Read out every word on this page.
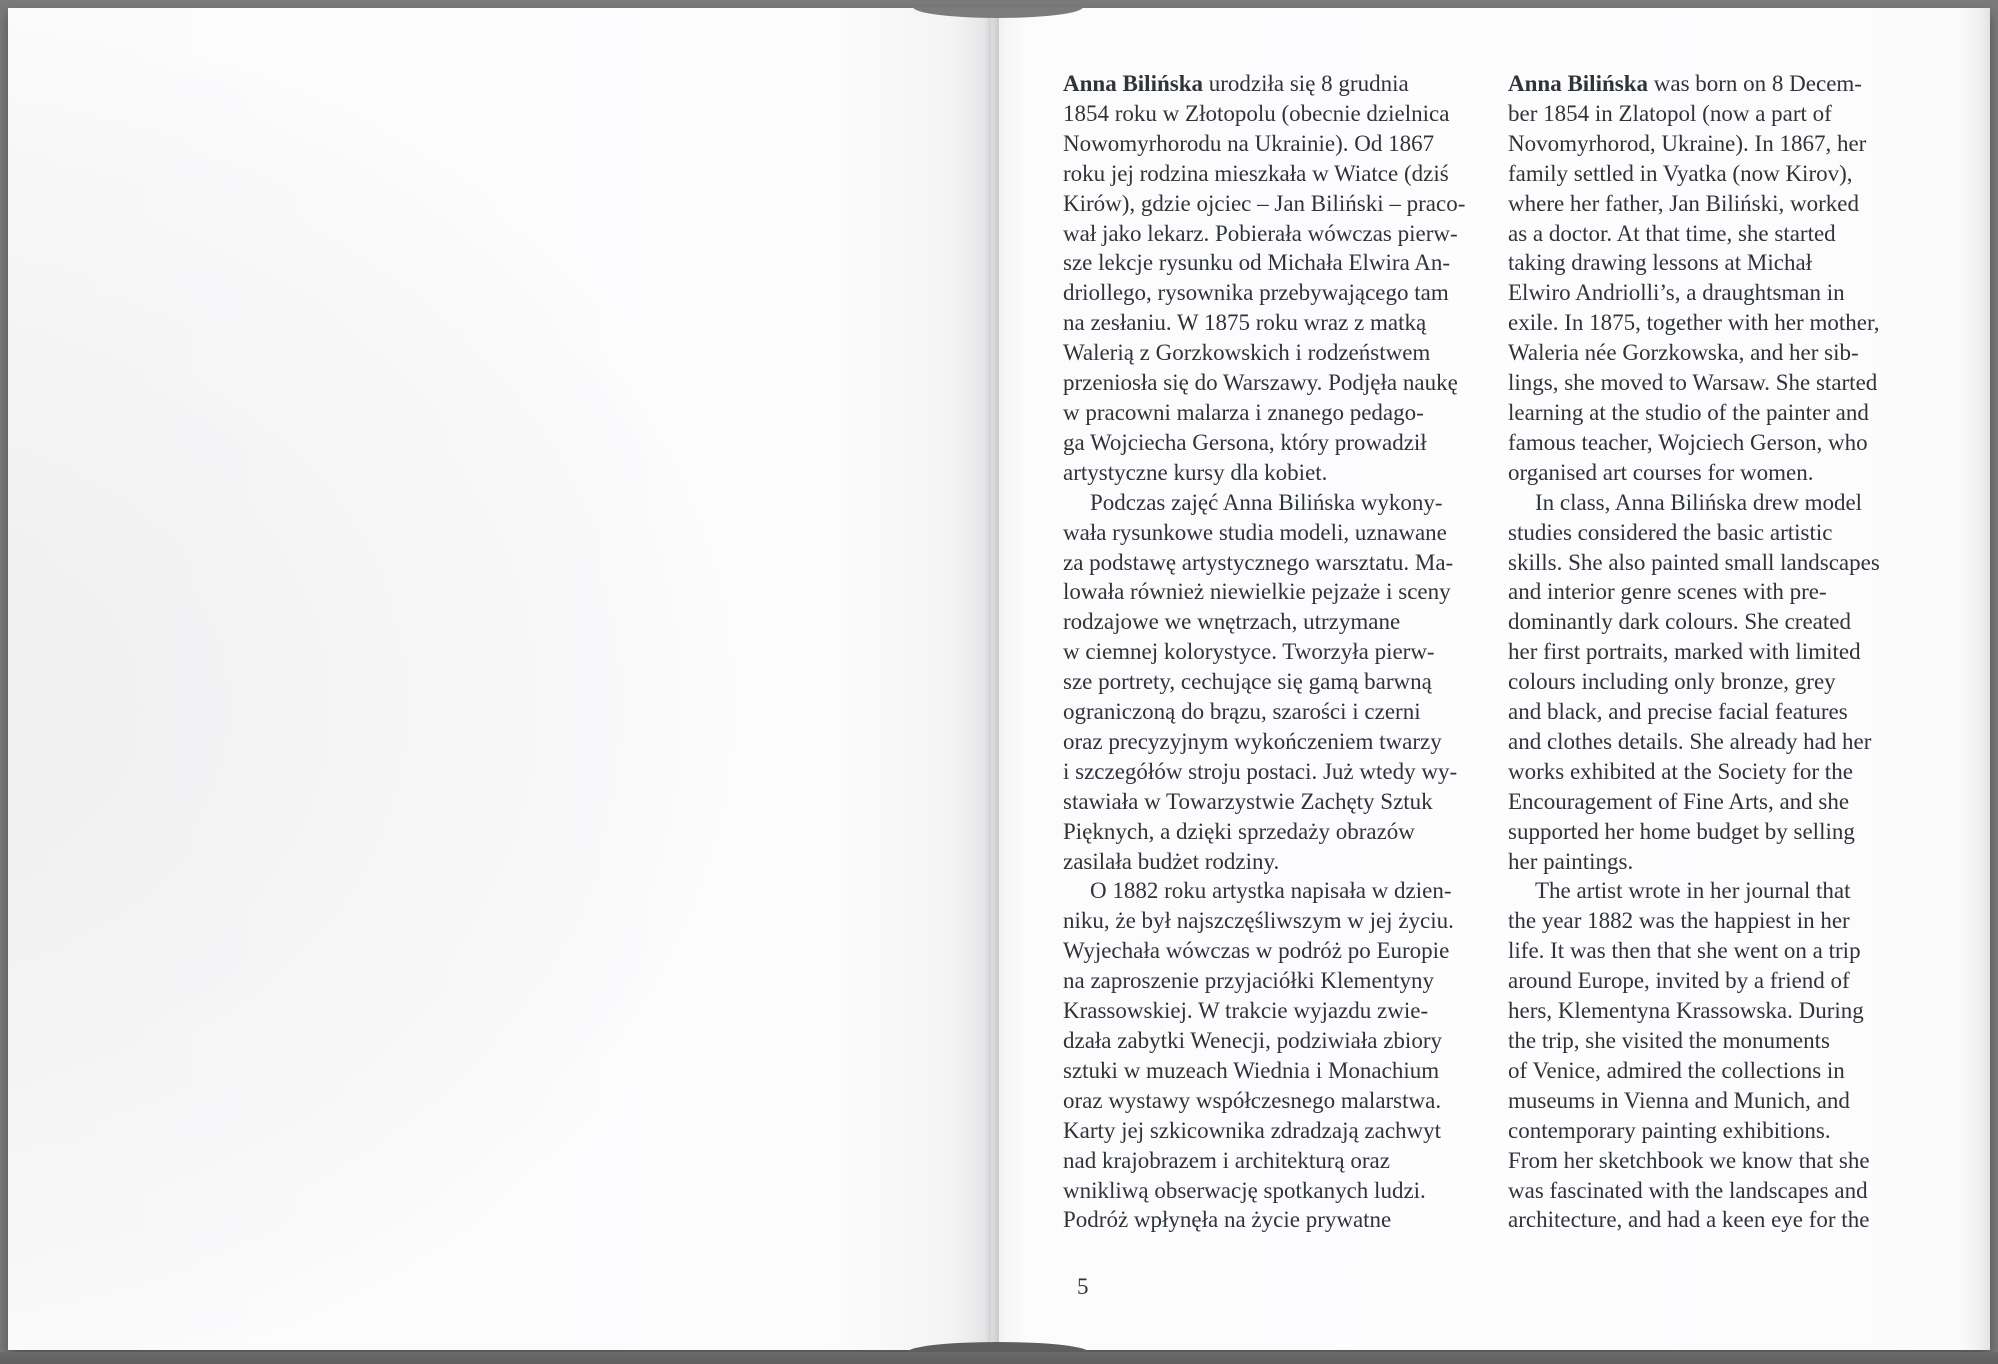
Anna Bilińska urodziła się 8 grudnia
1854 roku w Złotopolu (obecnie dzielnica
Nowomyrhorodu na Ukrainie). Od 1867
roku jej rodzina mieszkała w Wiatce (dziś
Kirów), gdzie ojciec – Jan Biliński – praco-
wał jako lekarz. Pobierała wówczas pierw-
sze lekcje rysunku od Michała Elwira An-
driollego, rysownika przebywającego tam
na zesłaniu. W 1875 roku wraz z matką
Walerią z Gorzkowskich i rodzeństwem
przeniosła się do Warszawy. Podjęła naukę
w pracowni malarza i znanego pedago-
ga Wojciecha Gersona, który prowadził
artystyczne kursy dla kobiet.
Podczas zajęć Anna Bilińska wykony-
wała rysunkowe studia modeli, uznawane
za podstawę artystycznego warsztatu. Ma-
lowała również niewielkie pejzaże i sceny
rodzajowe we wnętrzach, utrzymane
w ciemnej kolorystyce. Tworzyła pierw-
sze portrety, cechujące się gamą barwną
ograniczoną do brązu, szarości i czerni
oraz precyzyjnym wykończeniem twarzy
i szczegółów stroju postaci. Już wtedy wy-
stawiała w Towarzystwie Zachęty Sztuk
Pięknych, a dzięki sprzedaży obrazów
zasilała budżet rodziny.
O 1882 roku artystka napisała w dzien-
niku, że był najszczęśliwszym w jej życiu.
Wyjechała wówczas w podróż po Europie
na zaproszenie przyjaciółki Klementyny
Krassowskiej. W trakcie wyjazdu zwie-
dzała zabytki Wenecji, podziwiała zbiory
sztuki w muzeach Wiednia i Monachium
oraz wystawy współczesnego malarstwa.
Karty jej szkicownika zdradzają zachwyt
nad krajobrazem i architekturą oraz
wnikliwą obserwację spotkanych ludzi.
Podróż wpłynęła na życie prywatne
Anna Bilińska was born on 8 Decem-
ber 1854 in Zlatopol (now a part of
Novomyrhorod, Ukraine). In 1867, her
family settled in Vyatka (now Kirov),
where her father, Jan Biliński, worked
as a doctor. At that time, she started
taking drawing lessons at Michał
Elwiro Andriolli’s, a draughtsman in
exile. In 1875, together with her mother,
Waleria née Gorzkowska, and her sib-
lings, she moved to Warsaw. She started
learning at the studio of the painter and
famous teacher, Wojciech Gerson, who
organised art courses for women.
In class, Anna Bilińska drew model
studies considered the basic artistic
skills. She also painted small landscapes
and interior genre scenes with pre-
dominantly dark colours. She created
her first portraits, marked with limited
colours including only bronze, grey
and black, and precise facial features
and clothes details. She already had her
works exhibited at the Society for the
Encouragement of Fine Arts, and she
supported her home budget by selling
her paintings.
The artist wrote in her journal that
the year 1882 was the happiest in her
life. It was then that she went on a trip
around Europe, invited by a friend of
hers, Klementyna Krassowska. During
the trip, she visited the monuments
of Venice, admired the collections in
museums in Vienna and Munich, and
contemporary painting exhibitions.
From her sketchbook we know that she
was fascinated with the landscapes and
architecture, and had a keen eye for the
5
